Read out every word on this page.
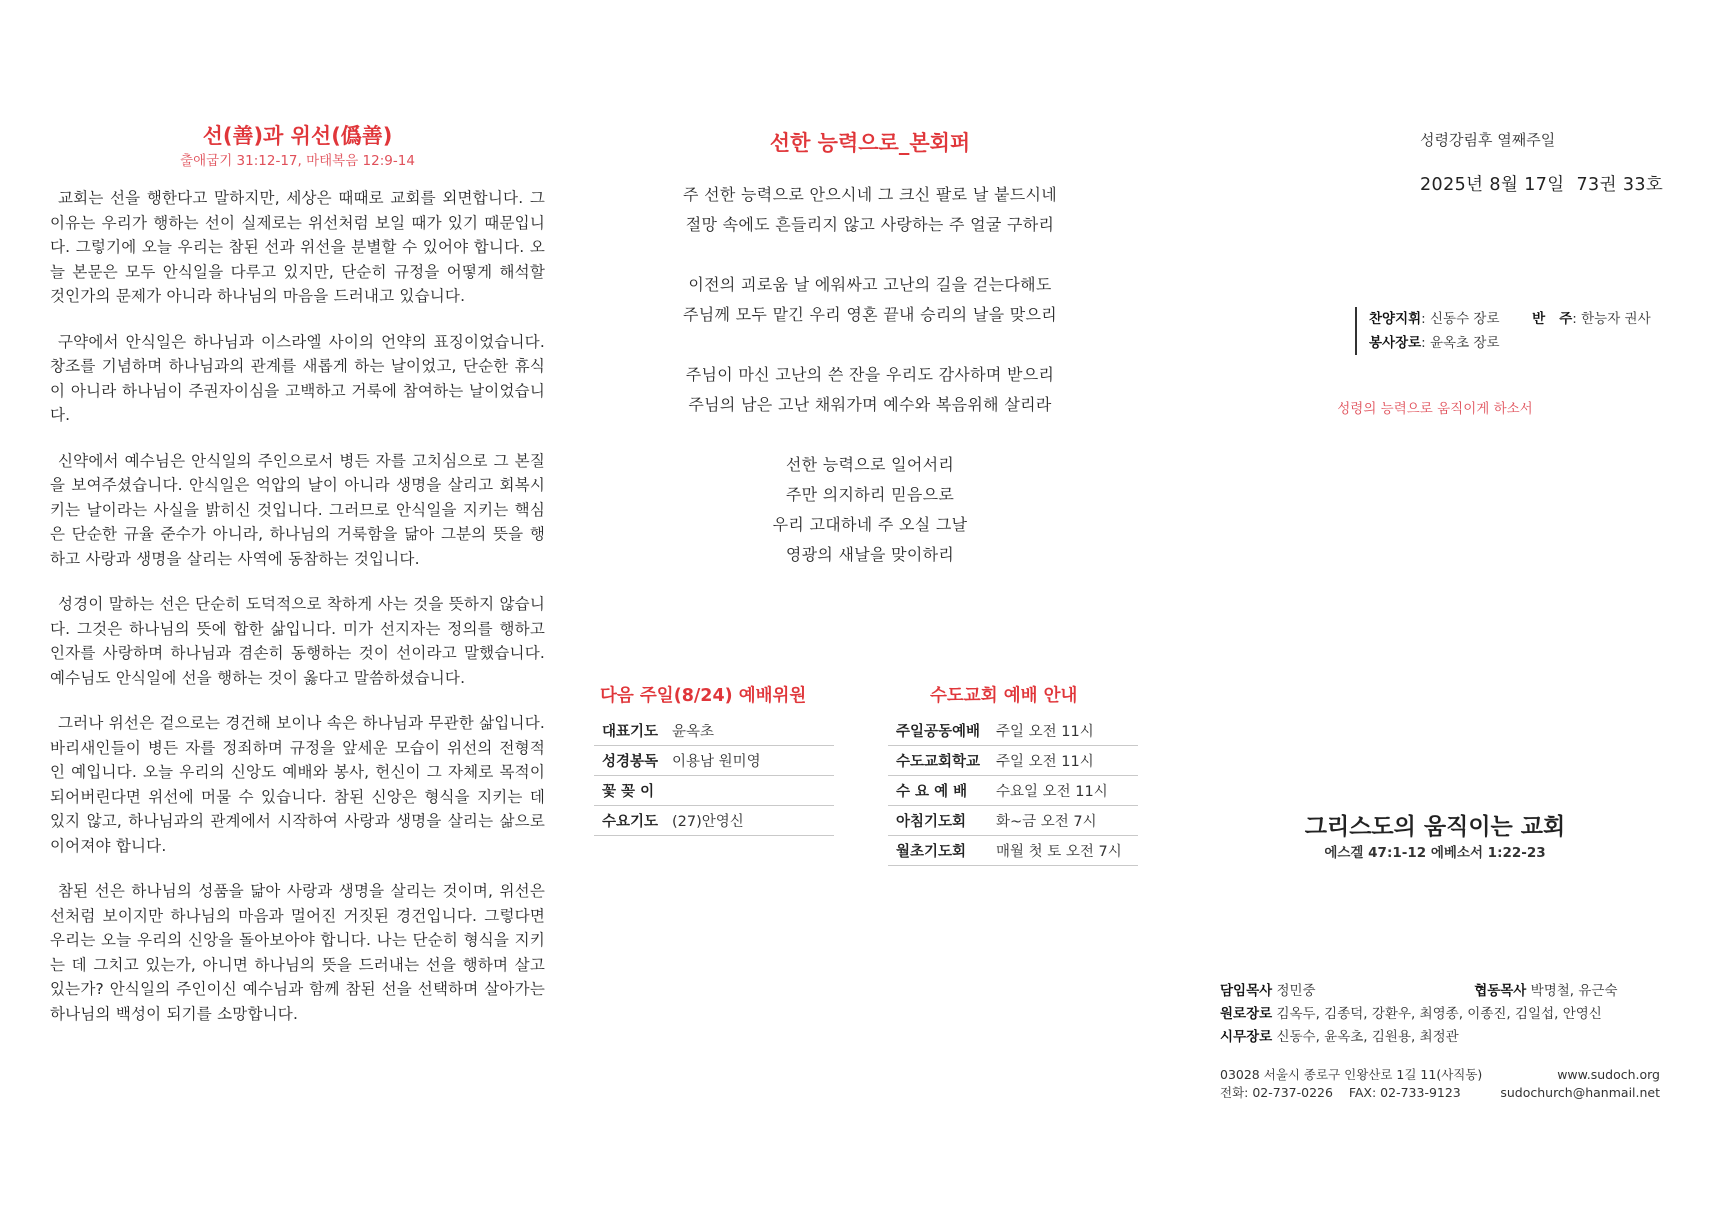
선(善)과 위선(僞善)
출애굽기 31:12-17, 마태복음 12:9-14

교회는 선을 행한다고 말하지만, 세상은 때때로 교회를 외면합니다. 그 이유는 우리가 행하는 선이 실제로는 위선처럼 보일 때가 있기 때문입니다. 그렇기에 오늘 우리는 참된 선과 위선을 분별할 수 있어야 합니다. 오늘 본문은 모두 안식일을 다루고 있지만, 단순히 규정을 어떻게 해석할 것인가의 문제가 아니라 하나님의 마음을 드러내고 있습니다.

구약에서 안식일은 하나님과 이스라엘 사이의 언약의 표징이었습니다. 창조를 기념하며 하나님과의 관계를 새롭게 하는 날이었고, 단순한 휴식이 아니라 하나님이 주권자이심을 고백하고 거룩에 참여하는 날이었습니다.

신약에서 예수님은 안식일의 주인으로서 병든 자를 고치심으로 그 본질을 보여주셨습니다. 안식일은 억압의 날이 아니라 생명을 살리고 회복시키는 날이라는 사실을 밝히신 것입니다. 그러므로 안식일을 지키는 핵심은 단순한 규율 준수가 아니라, 하나님의 거룩함을 닮아 그분의 뜻을 행하고 사랑과 생명을 살리는 사역에 동참하는 것입니다.

성경이 말하는 선은 단순히 도덕적으로 착하게 사는 것을 뜻하지 않습니다. 그것은 하나님의 뜻에 합한 삶입니다. 미가 선지자는 정의를 행하고 인자를 사랑하며 하나님과 겸손히 동행하는 것이 선이라고 말했습니다. 예수님도 안식일에 선을 행하는 것이 옳다고 말씀하셨습니다.

그러나 위선은 겉으로는 경건해 보이나 속은 하나님과 무관한 삶입니다. 바리새인들이 병든 자를 정죄하며 규정을 앞세운 모습이 위선의 전형적인 예입니다. 오늘 우리의 신앙도 예배와 봉사, 헌신이 그 자체로 목적이 되어버린다면 위선에 머물 수 있습니다. 참된 신앙은 형식을 지키는 데 있지 않고, 하나님과의 관계에서 시작하여 사랑과 생명을 살리는 삶으로 이어져야 합니다.

참된 선은 하나님의 성품을 닮아 사랑과 생명을 살리는 것이며, 위선은 선처럼 보이지만 하나님의 마음과 멀어진 거짓된 경건입니다. 그렇다면 우리는 오늘 우리의 신앙을 돌아보아야 합니다. 나는 단순히 형식을 지키는 데 그치고 있는가, 아니면 하나님의 뜻을 드러내는 선을 행하며 살고 있는가? 안식일의 주인이신 예수님과 함께 참된 선을 선택하며 살아가는 하나님의 백성이 되기를 소망합니다.

선한 능력으로_본회퍼
주 선한 능력으로 안으시네 그 크신 팔로 날 붙드시네
절망 속에도 흔들리지 않고 사랑하는 주 얼굴 구하리
이전의 괴로움 날 에워싸고 고난의 길을 걷는다해도
주님께 모두 맡긴 우리 영혼 끝내 승리의 날을 맞으리
주님이 마신 고난의 쓴 잔을 우리도 감사하며 받으리
주님의 남은 고난 채워가며 예수와 복음위해 살리라
선한 능력으로 일어서리
주만 의지하리 믿음으로
우리 고대하네 주 오실 그날
영광의 새날을 맞이하리
다음 주일(8/24) 예배위원
대표기도	윤옥초
성경봉독	이용남 원미영
꽃 꽂 이	
수요기도	(27)안영신
수도교회 예배 안내
주일공동예배	주일 오전 11시
수도교회학교	주일 오전 11시
수 요 예 배	수요일 오전 11시
아침기도회	화~금 오전 7시
월초기도회	매월 첫 토 오전 7시
성령강림후 열째주일
2025년 8월 17일  73권 33호
찬양지휘: 신동수 장로 반   주: 한능자 권사
봉사장로: 윤옥초 장로
성령의 능력으로 움직이게 하소서
그리스도의 움직이는 교회
에스겔 47:1-12 에베소서 1:22-23
담임목사 정민중	협동목사 박명철, 유근숙
원로장로 김옥두, 김종덕, 강환우, 최영종, 이종진, 김일섭, 안영신
시무장로 신동수, 윤옥초, 김원용, 최정관
03028 서울시 종로구 인왕산로 1길 11(사직동)	www.sudoch.org
전화: 02-737-0226    FAX: 02-733-9123	sudochurch@hanmail.net
